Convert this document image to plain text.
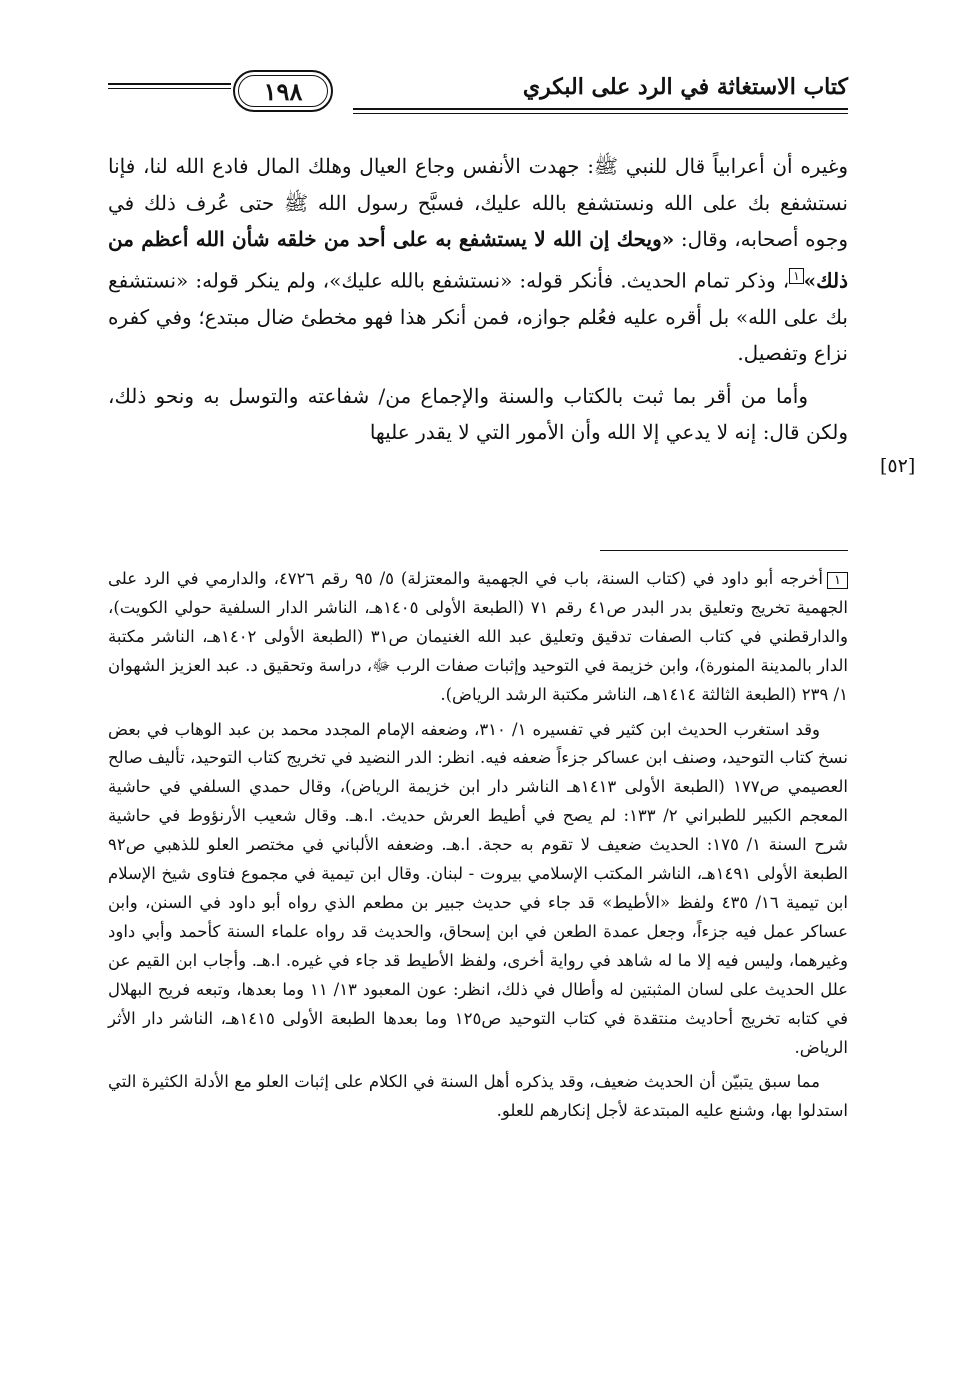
كتاب الاستغاثة في الرد على البكري
١٩٨

وغيره أن أعرابياً قال للنبي ﷺ: جهدت الأنفس وجاع العيال وهلك المال فادع الله لنا، فإنا نستشفع بك على الله ونستشفع بالله عليك، فسبَّح رسول الله ﷺ حتى عُرف ذلك في وجوه أصحابه، وقال: «ويحك إن الله لا يستشفع به على أحد من خلقه شأن الله أعظم من ذلك»$^١$، وذكر تمام الحديث. فأنكر قوله: «نستشفع بالله عليك»، ولم ينكر قوله: «نستشفع بك على الله» بل أقره عليه فعُلم جوازه، فمن أنكر هذا فهو مخطئ ضال مبتدع؛ وفي كفره نزاع وتفصيل.

وأما من أقر بما ثبت بالكتاب والسنة والإجماع من/ شفاعته والتوسل به ونحو ذلك، ولكن قال: إنه لا يدعي إلا الله وأن الأمور التي لا يقدر عليها

[٥٢]

١أخرجه أبو داود في (كتاب السنة، باب في الجهمية والمعتزلة) ٥/ ٩٥ رقم ٤٧٢٦، والدارمي في الرد على الجهمية تخريج وتعليق بدر البدر ص٤١ رقم ٧١ (الطبعة الأولى ١٤٠٥هـ، الناشر الدار السلفية حولي الكويت)، والدارقطني في كتاب الصفات تدقيق وتعليق عبد الله الغنيمان ص٣١ (الطبعة الأولى ١٤٠٢هـ، الناشر مكتبة الدار بالمدينة المنورة)، وابن خزيمة في التوحيد وإثبات صفات الرب ﷻ، دراسة وتحقيق د. عبد العزيز الشهوان ١/ ٢٣٩ (الطبعة الثالثة ١٤١٤هـ، الناشر مكتبة الرشد الرياض).

وقد استغرب الحديث ابن كثير في تفسيره ١/ ٣١٠، وضعفه الإمام المجدد محمد بن عبد الوهاب في بعض نسخ كتاب التوحيد، وصنف ابن عساكر جزءاً ضعفه فيه. انظر: الدر النضيد في تخريج كتاب التوحيد، تأليف صالح العصيمي ص١٧٧ (الطبعة الأولى ١٤١٣هـ الناشر دار ابن خزيمة الرياض)، وقال حمدي السلفي في حاشية المعجم الكبير للطبراني ٢/ ١٣٣: لم يصح في أطيط العرش حديث. ا.هـ. وقال شعيب الأرنؤوط في حاشية شرح السنة ١/ ١٧٥: الحديث ضعيف لا تقوم به حجة. ا.هـ. وضعفه الألباني في مختصر العلو للذهبي ص٩٢ الطبعة الأولى ١٤٩١هـ، الناشر المكتب الإسلامي بيروت - لبنان. وقال ابن تيمية في مجموع فتاوى شيخ الإسلام ابن تيمية ١٦/ ٤٣٥ ولفظ «الأطيط» قد جاء في حديث جبير بن مطعم الذي رواه أبو داود في السنن، وابن عساكر عمل فيه جزءاً، وجعل عمدة الطعن في ابن إسحاق، والحديث قد رواه علماء السنة كأحمد وأبي داود وغيرهما، وليس فيه إلا ما له شاهد في رواية أخرى، ولفظ الأطيط قد جاء في غيره. ا.هـ. وأجاب ابن القيم عن علل الحديث على لسان المثبتين له وأطال في ذلك، انظر: عون المعبود ١٣/ ١١ وما بعدها، وتبعه فريح البهلال في كتابه تخريج أحاديث منتقدة في كتاب التوحيد ص١٢٥ وما بعدها الطبعة الأولى ١٤١٥هـ، الناشر دار الأثر الرياض.

مما سبق يتبيّن أن الحديث ضعيف، وقد يذكره أهل السنة في الكلام على إثبات العلو مع الأدلة الكثيرة التي استدلوا بها، وشنع عليه المبتدعة لأجل إنكارهم للعلو.
